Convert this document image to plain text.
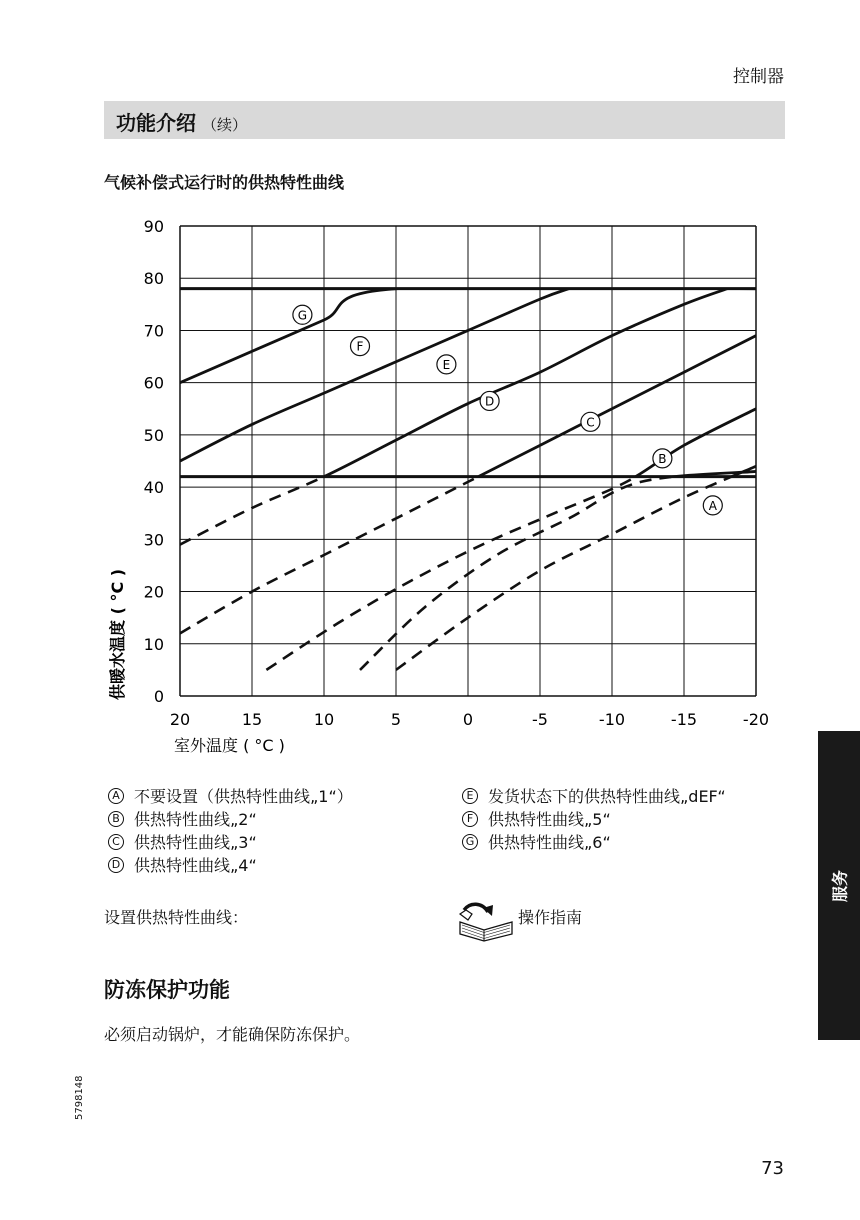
控制器
功能介绍 （续）
气候补偿式运行时的供热特性曲线
20	15	10	5	0	-5	-10	-15	-20
0
10
20
30
40
50
60
70
80
90
G
F
E
D
C
B
A
室外温度 ( °C )
供暖水温度 ( °C )
A 不要设置（供热特性曲线„1“）
B 供热特性曲线„2“
C 供热特性曲线„3“
D 供热特性曲线„4“
E 发货状态下的供热特性曲线„dEF“
F 供热特性曲线„5“
G 供热特性曲线„6“
设置供热特性曲线：	操作指南
防冻保护功能
必须启动锅炉，才能确保防冻保护。
服务
5798148
73
